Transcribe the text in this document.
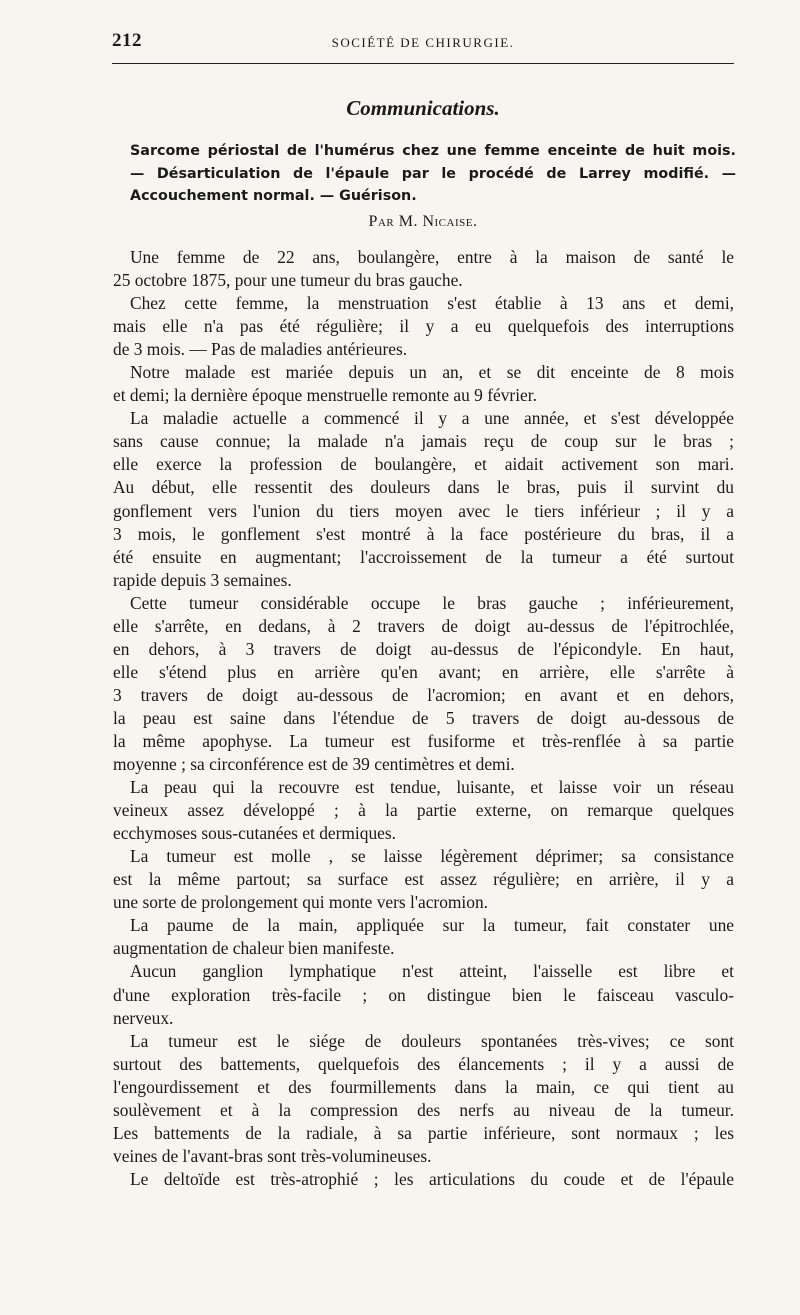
212	SOCIÉTÉ DE CHIRURGIE.
Communications.
Sarcome périostal de l'humérus chez une femme enceinte de huit mois.
— Désarticulation de l'épaule par le procédé de Larrey modifié. —
Accouchement normal. — Guérison.
Par M. Nicaise.
Une femme de 22 ans, boulangère, entre à la maison de santé le
25 octobre 1875, pour une tumeur du bras gauche.
Chez cette femme, la menstruation s'est établie à 13 ans et demi,
mais elle n'a pas été régulière; il y a eu quelquefois des interruptions
de 3 mois. — Pas de maladies antérieures.
Notre malade est mariée depuis un an, et se dit enceinte de 8 mois
et demi; la dernière époque menstruelle remonte au 9 février.
La maladie actuelle a commencé il y a une année, et s'est développée
sans cause connue; la malade n'a jamais reçu de coup sur le bras ;
elle exerce la profession de boulangère, et aidait activement son mari.
Au début, elle ressentit des douleurs dans le bras, puis il survint du
gonflement vers l'union du tiers moyen avec le tiers inférieur ; il y a
3 mois, le gonflement s'est montré à la face postérieure du bras, il a
été ensuite en augmentant; l'accroissement de la tumeur a été surtout
rapide depuis 3 semaines.
Cette tumeur considérable occupe le bras gauche ; inférieurement,
elle s'arrête, en dedans, à 2 travers de doigt au-dessus de l'épitrochlée,
en dehors, à 3 travers de doigt au-dessus de l'épicondyle. En haut,
elle s'étend plus en arrière qu'en avant; en arrière, elle s'arrête à
3 travers de doigt au-dessous de l'acromion; en avant et en dehors,
la peau est saine dans l'étendue de 5 travers de doigt au-dessous de
la même apophyse. La tumeur est fusiforme et très-renflée à sa partie
moyenne ; sa circonférence est de 39 centimètres et demi.
La peau qui la recouvre est tendue, luisante, et laisse voir un réseau
veineux assez développé ; à la partie externe, on remarque quelques
ecchymoses sous-cutanées et dermiques.
La tumeur est molle , se laisse légèrement déprimer; sa consistance
est la même partout; sa surface est assez régulière; en arrière, il y a
une sorte de prolongement qui monte vers l'acromion.
La paume de la main, appliquée sur la tumeur, fait constater une
augmentation de chaleur bien manifeste.
Aucun ganglion lymphatique n'est atteint, l'aisselle est libre et
d'une exploration très-facile ; on distingue bien le faisceau vasculo-
nerveux.
La tumeur est le siége de douleurs spontanées très-vives; ce sont
surtout des battements, quelquefois des élancements ; il y a aussi de
l'engourdissement et des fourmillements dans la main, ce qui tient au
soulèvement et à la compression des nerfs au niveau de la tumeur.
Les battements de la radiale, à sa partie inférieure, sont normaux ; les
veines de l'avant-bras sont très-volumineuses.
Le deltoïde est très-atrophié ; les articulations du coude et de l'épaule
